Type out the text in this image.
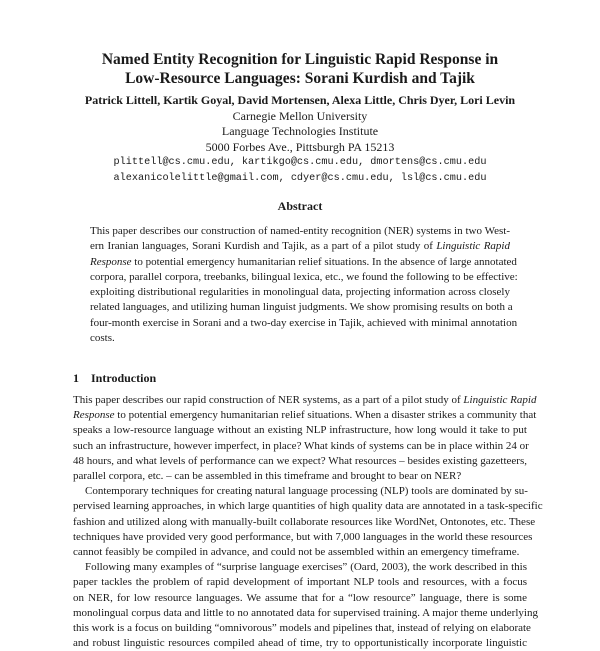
Named Entity Recognition for Linguistic Rapid Response in
Low-Resource Languages: Sorani Kurdish and Tajik
Patrick Littell, Kartik Goyal, David Mortensen, Alexa Little, Chris Dyer, Lori Levin
Carnegie Mellon University
Language Technologies Institute
5000 Forbes Ave., Pittsburgh PA 15213
plittell@cs.cmu.edu, kartikgo@cs.cmu.edu, dmortens@cs.cmu.edu
alexanicolelittle@gmail.com, cdyer@cs.cmu.edu, lsl@cs.cmu.edu
Abstract
This paper describes our construction of named-entity recognition (NER) systems in two West-
ern Iranian languages, Sorani Kurdish and Tajik, as a part of a pilot study of Linguistic Rapid
Response to potential emergency humanitarian relief situations. In the absence of large annotated
corpora, parallel corpora, treebanks, bilingual lexica, etc., we found the following to be effective:
exploiting distributional regularities in monolingual data, projecting information across closely
related languages, and utilizing human linguist judgments. We show promising results on both a
four-month exercise in Sorani and a two-day exercise in Tajik, achieved with minimal annotation
costs.
1 Introduction
This paper describes our rapid construction of NER systems, as a part of a pilot study of Linguistic Rapid
Response to potential emergency humanitarian relief situations. When a disaster strikes a community that
speaks a low-resource language without an existing NLP infrastructure, how long would it take to put
such an infrastructure, however imperfect, in place? What kinds of systems can be in place within 24 or
48 hours, and what levels of performance can we expect? What resources – besides existing gazetteers,
parallel corpora, etc. – can be assembled in this timeframe and brought to bear on NER?
Contemporary techniques for creating natural language processing (NLP) tools are dominated by su-
pervised learning approaches, in which large quantities of high quality data are annotated in a task-specific
fashion and utilized along with manually-built collaborate resources like WordNet, Ontonotes, etc. These
techniques have provided very good performance, but with 7,000 languages in the world these resources
cannot feasibly be compiled in advance, and could not be assembled within an emergency timeframe.
Following many examples of “surprise language exercises” (Oard, 2003), the work described in this
paper tackles the problem of rapid development of important NLP tools and resources, with a focus
on NER, for low resource languages. We assume that for a “low resource” language, there is some
monolingual corpus data and little to no annotated data for supervised training. A major theme underlying
this work is a focus on building “omnivorous” models and pipelines that, instead of relying on elaborate
and robust linguistic resources compiled ahead of time, try to opportunistically incorporate linguistic
